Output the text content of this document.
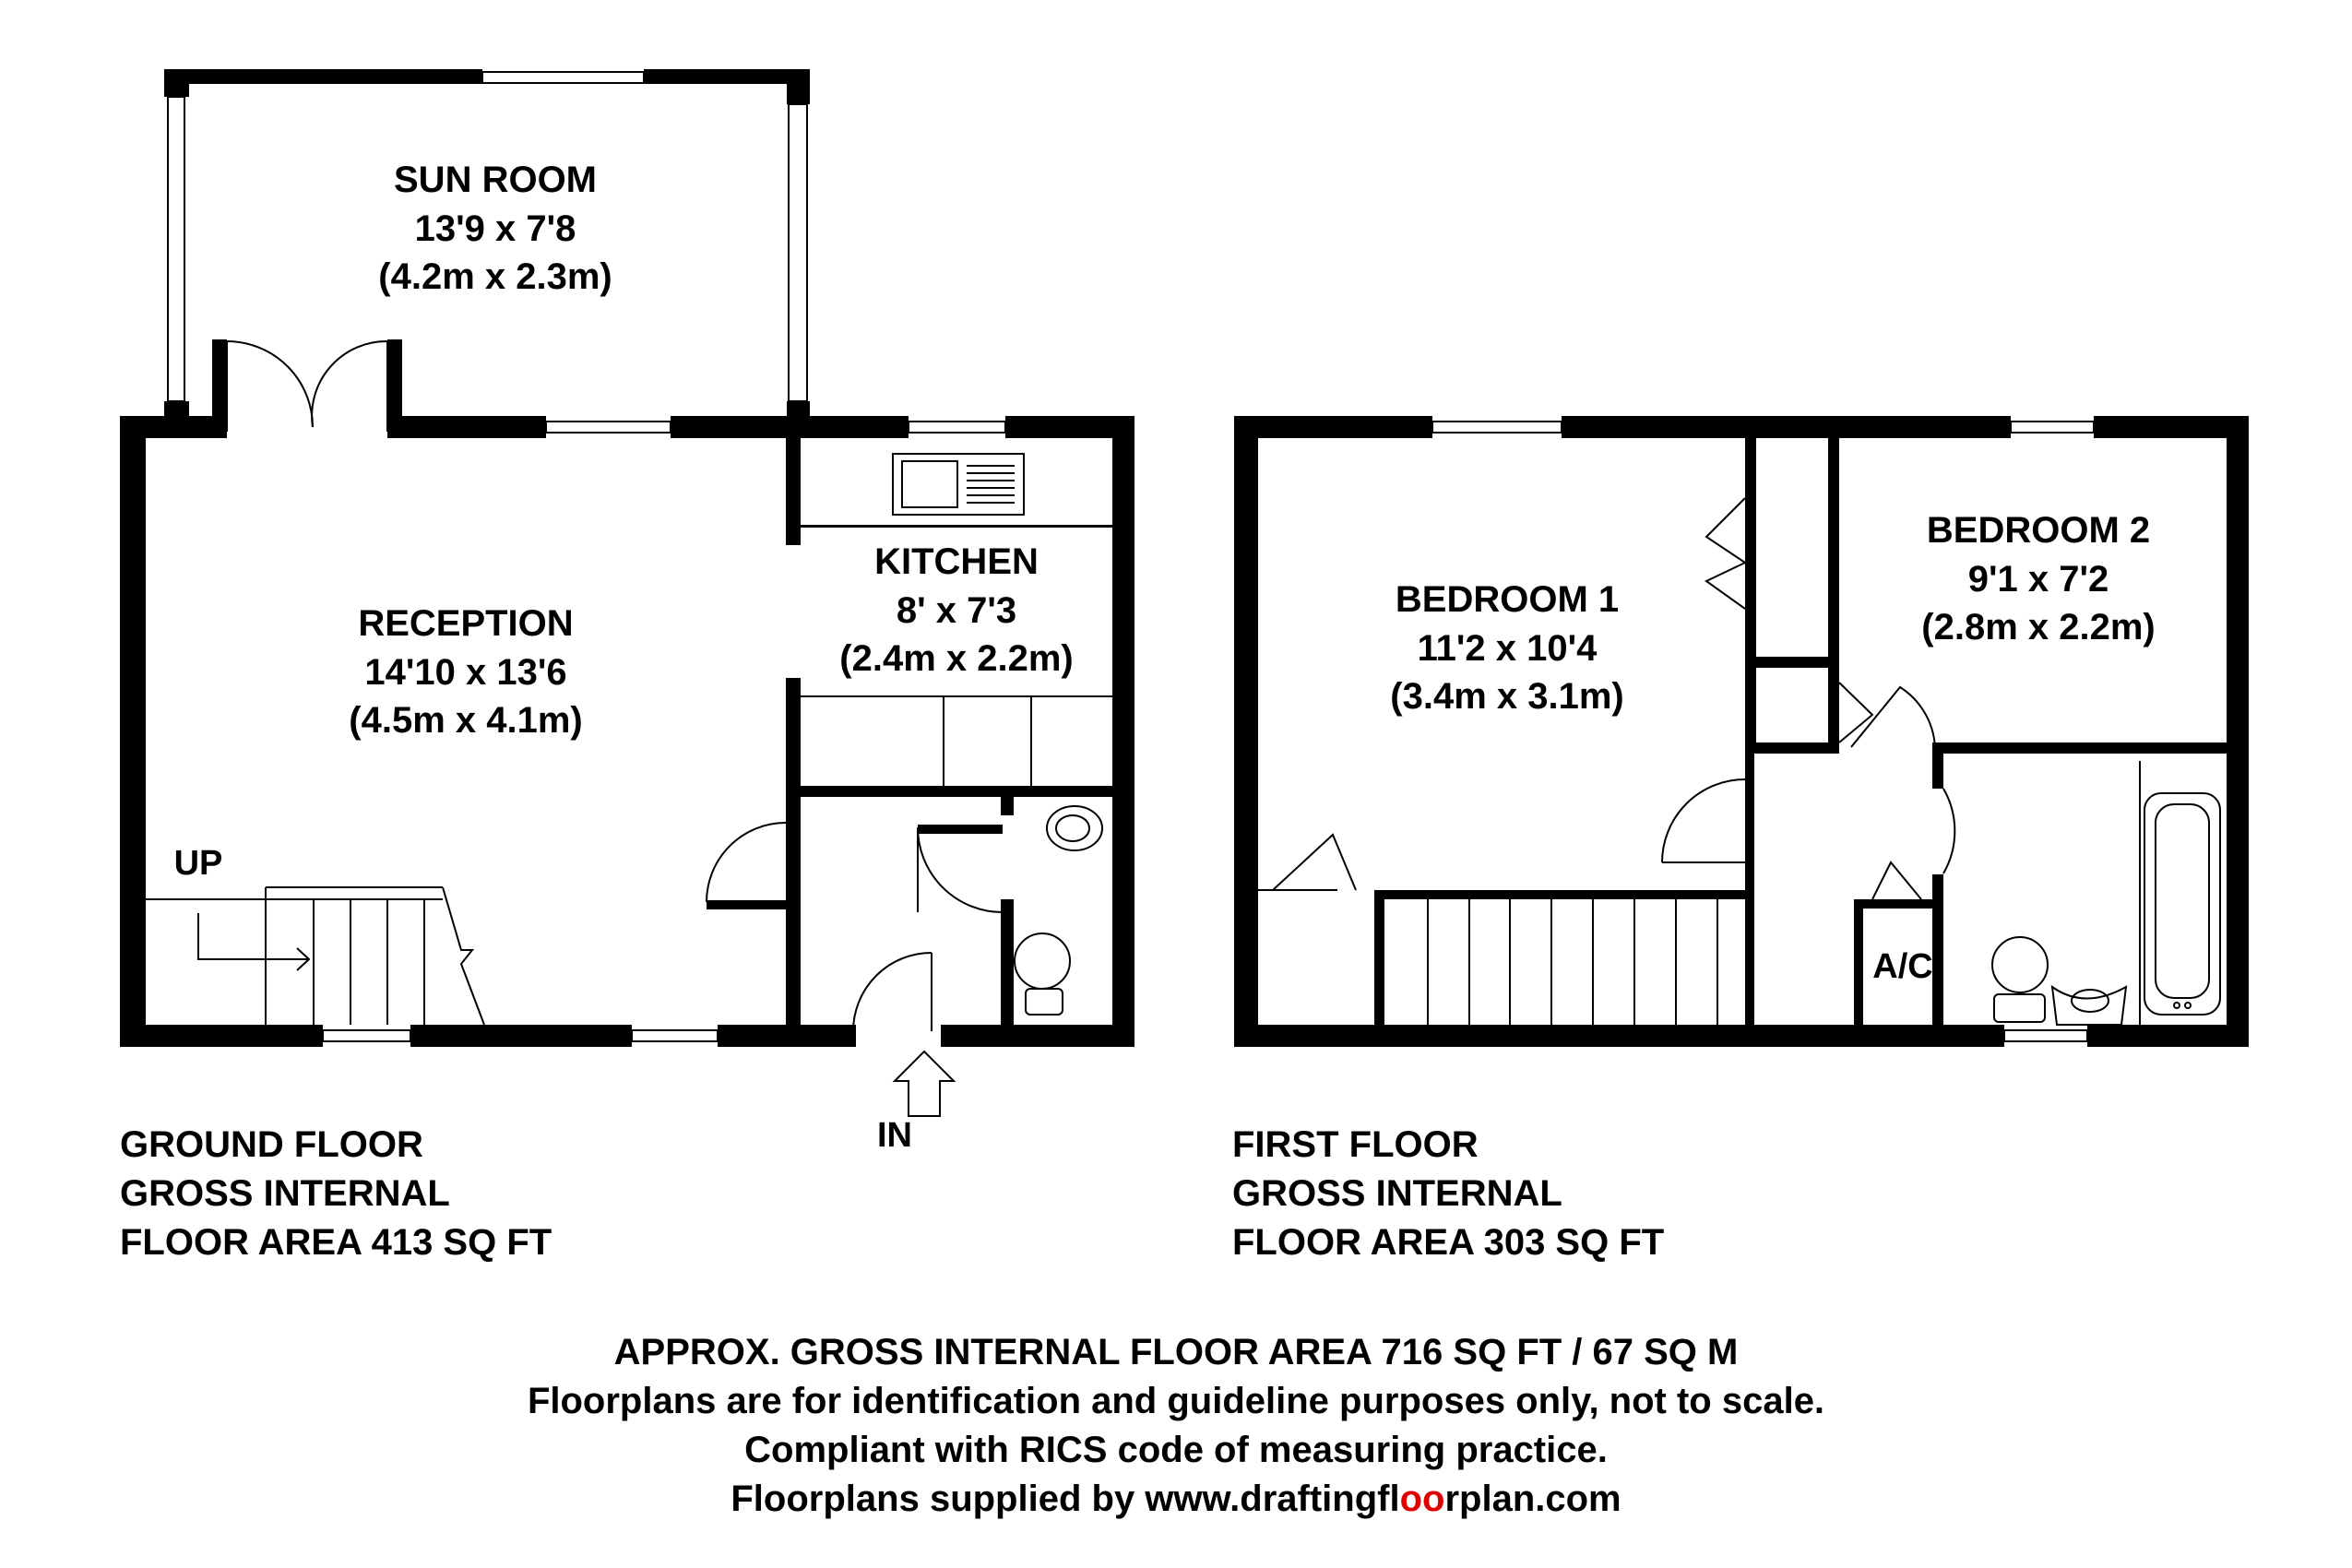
SUN ROOM
13'9 x 7'8
(4.2m x 2.3m)
RECEPTION
14'10 x 13'6
(4.5m x 4.1m)
KITCHEN
8' x 7'3
(2.4m x 2.2m)
UP
IN
BEDROOM 1
11'2 x 10'4
(3.4m x 3.1m)
BEDROOM 2
9'1 x 7'2
(2.8m x 2.2m)
A/C
GROUND FLOOR
GROSS INTERNAL
FLOOR AREA 413 SQ FT
FIRST FLOOR
GROSS INTERNAL
FLOOR AREA 303 SQ FT
APPROX. GROSS INTERNAL FLOOR AREA 716 SQ FT / 67 SQ M
Floorplans are for identification and guideline purposes only, not to scale.
Compliant with RICS code of measuring practice.
Floorplans supplied by www.draftingfloorplan.com
